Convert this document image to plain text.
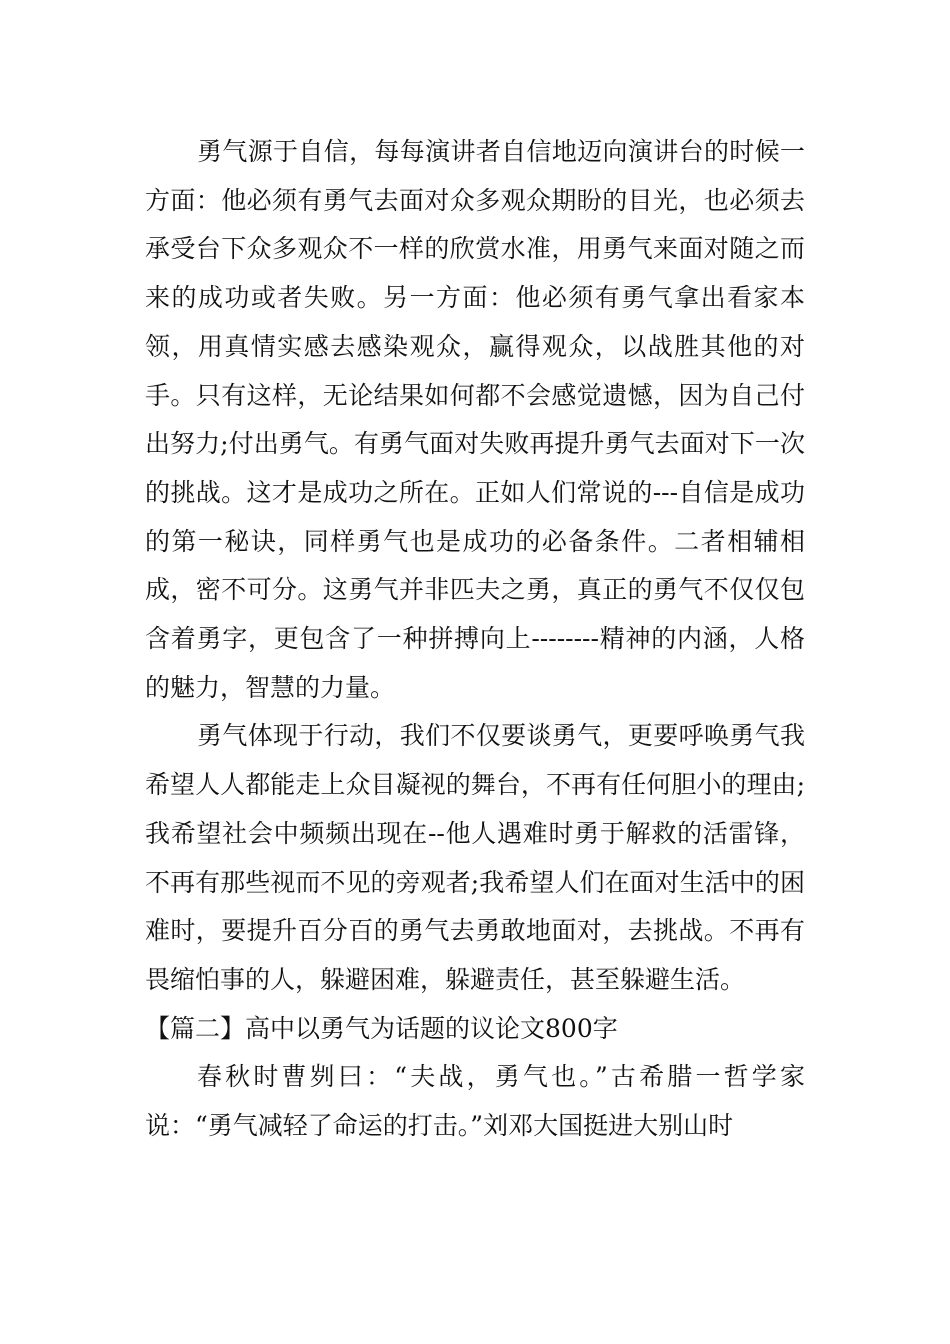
勇气源于自信，每每演讲者自信地迈向演讲台的时候一方面：他必须有勇气去面对众多观众期盼的目光，也必须去承受台下众多观众不一样的欣赏水准，用勇气来面对随之而来的成功或者失败。另一方面：他必须有勇气拿出看家本领，用真情实感去感染观众，赢得观众，以战胜其他的对手。只有这样，无论结果如何都不会感觉遗憾，因为自己付出努力;付出勇气。有勇气面对失败再提升勇气去面对下一次的挑战。这才是成功之所在。正如人们常说的---自信是成功的第一秘诀，同样勇气也是成功的必备条件。二者相辅相成，密不可分。这勇气并非匹夫之勇，真正的勇气不仅仅包含着勇字，更包含了一种拼搏向上--------精神的内涵，人格的魅力，智慧的力量。

勇气体现于行动，我们不仅要谈勇气，更要呼唤勇气我希望人人都能走上众目凝视的舞台，不再有任何胆小的理由;我希望社会中频频出现在--他人遇难时勇于解救的活雷锋，不再有那些视而不见的旁观者;我希望人们在面对生活中的困难时，要提升百分百的勇气去勇敢地面对，去挑战。不再有畏缩怕事的人，躲避困难，躲避责任，甚至躲避生活。

【篇二】高中以勇气为话题的议论文800字

春秋时曹刿曰：“夫战，勇气也。”古希腊一哲学家说：“勇气减轻了命运的打击。”刘邓大国挺进大别山时
